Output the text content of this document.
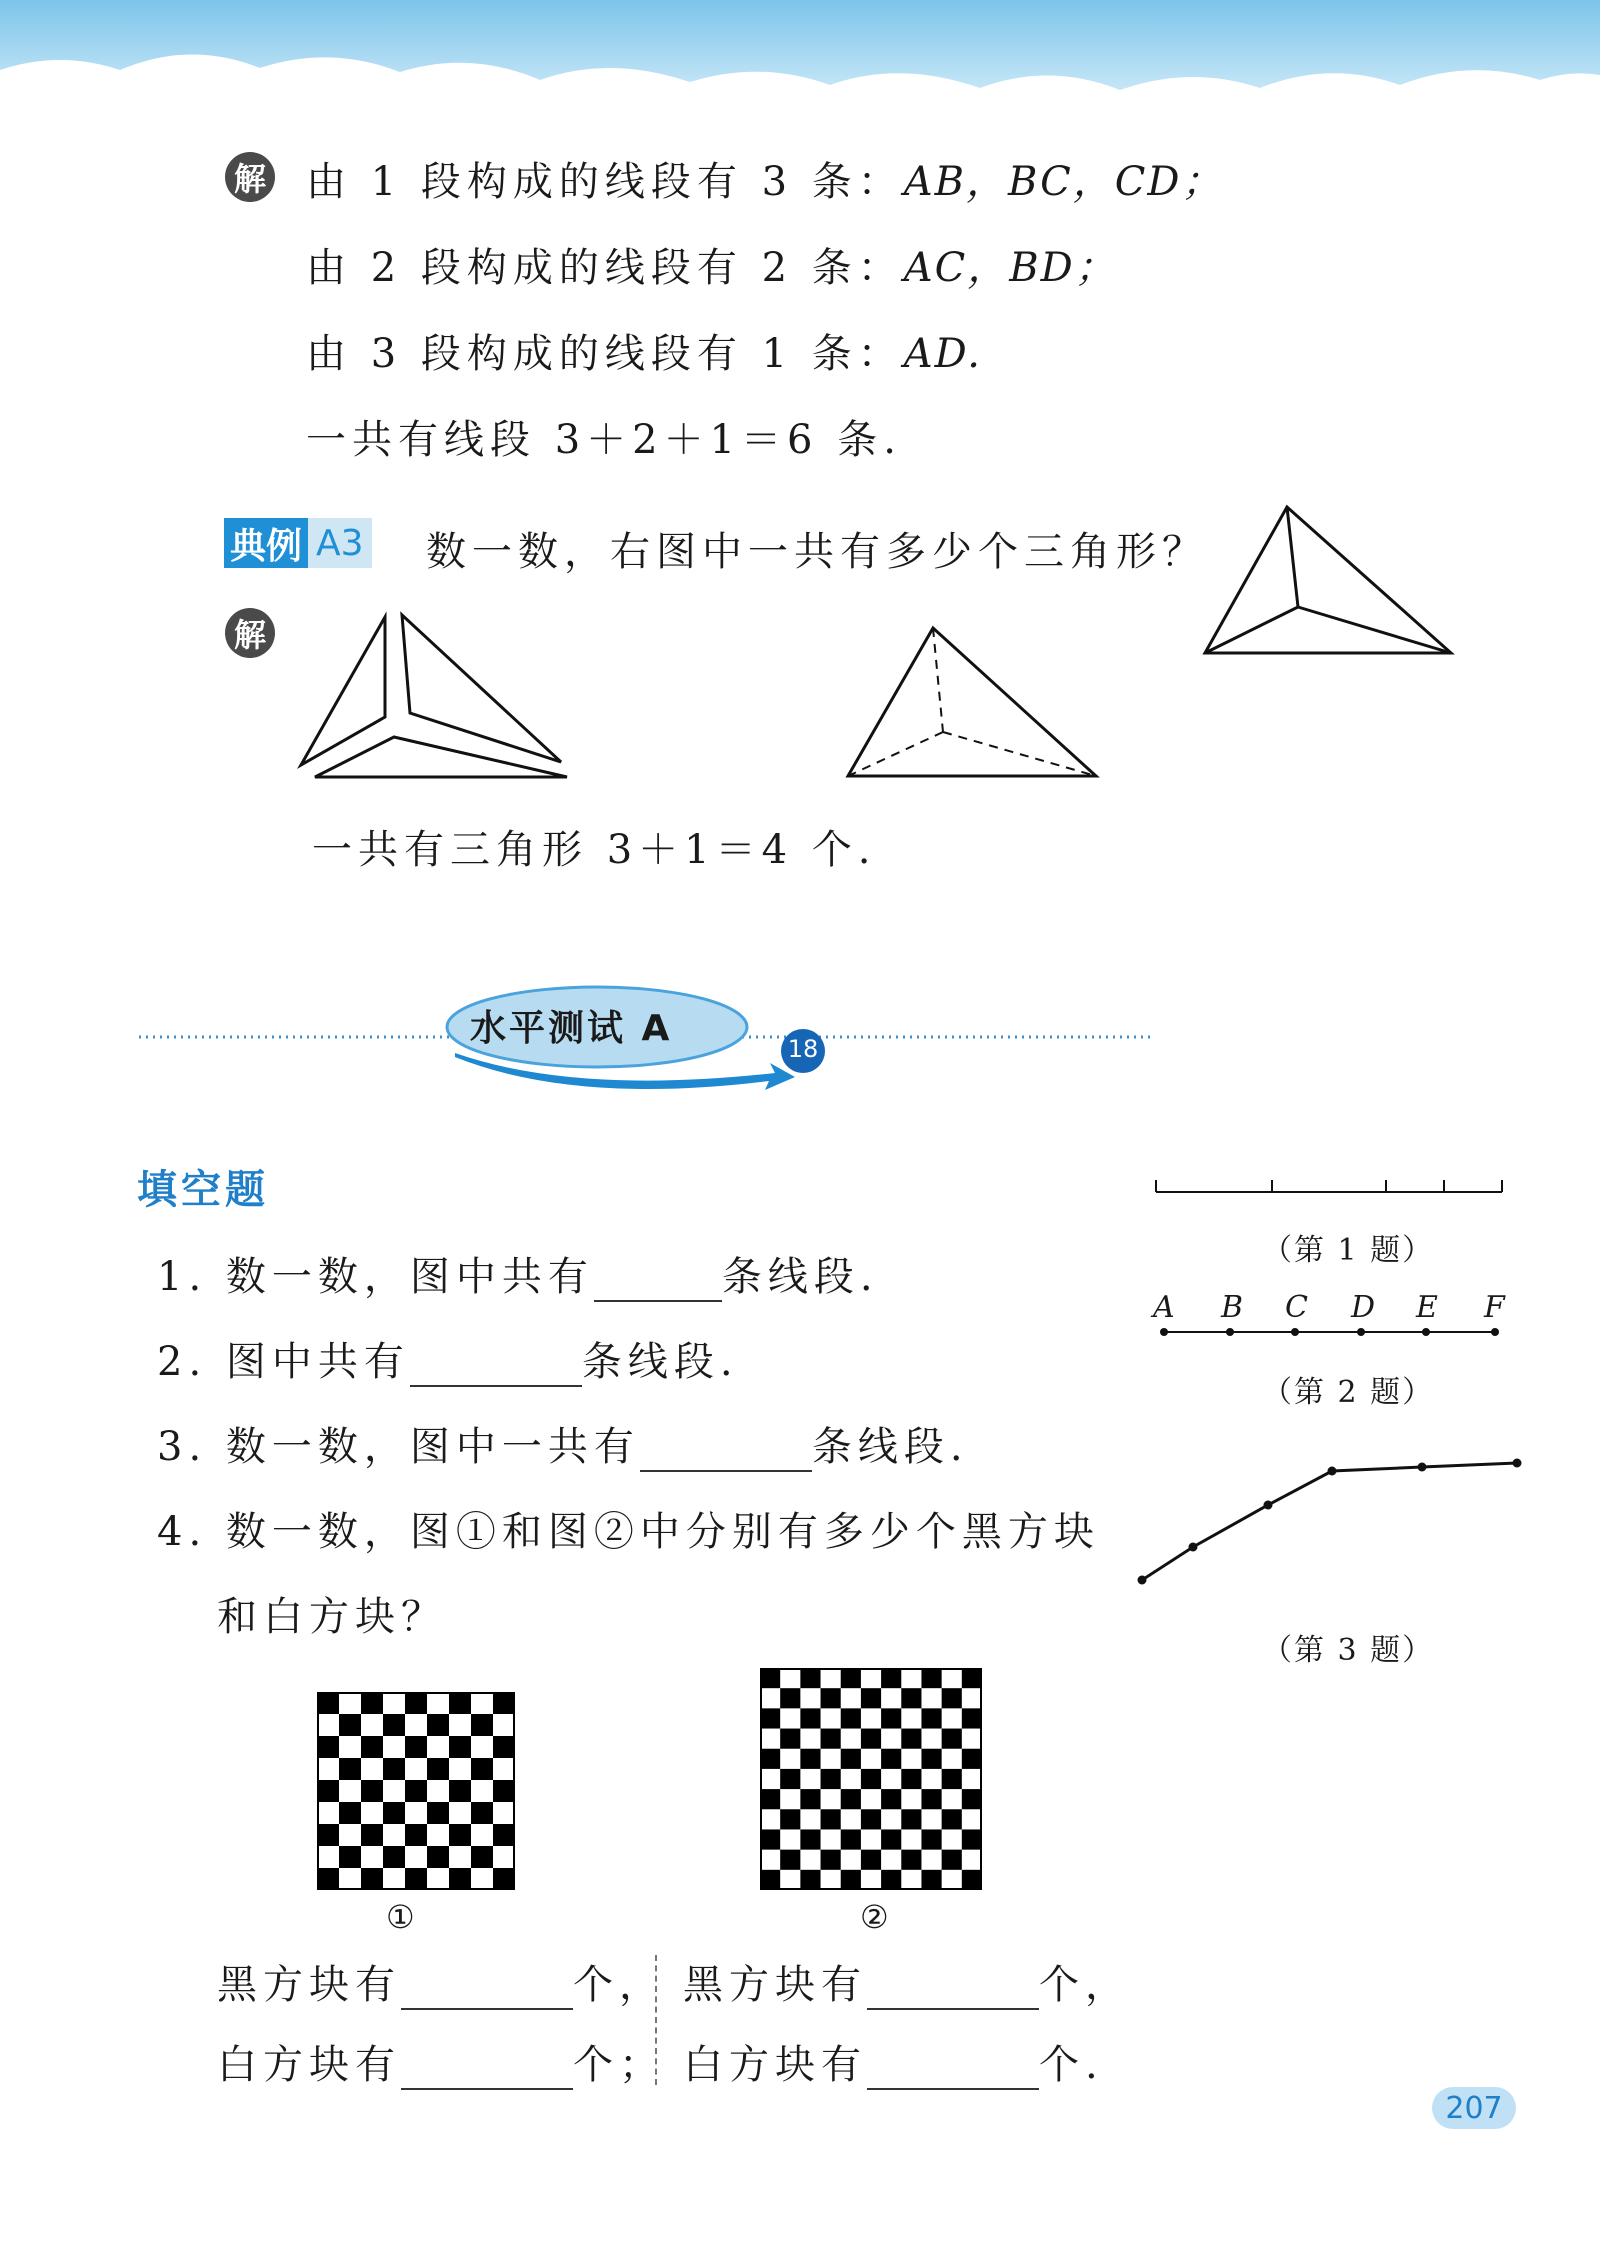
解 由 1 段构成的线段有 3 条：AB，BC，CD；
由 2 段构成的线段有 2 条：AC，BD；
由 3 段构成的线段有 1 条：AD.
一共有线段 3＋2＋1＝6 条.
典例 A3 数一数，右图中一共有多少个三角形？
解
一共有三角形 3＋1＝4 个.
水平测试 A	18
填空题
1. 数一数，图中共有	条线段.
2. 图中共有	条线段.
3. 数一数，图中一共有	条线段.
4. 数一数，图①和图②中分别有多少个黑方块
和白方块？
（第 1 题）
A B C D E F
（第 2 题）
（第 3 题）
①	②
黑方块有	个，
白方块有	个；
黑方块有	个，
白方块有	个.
207
